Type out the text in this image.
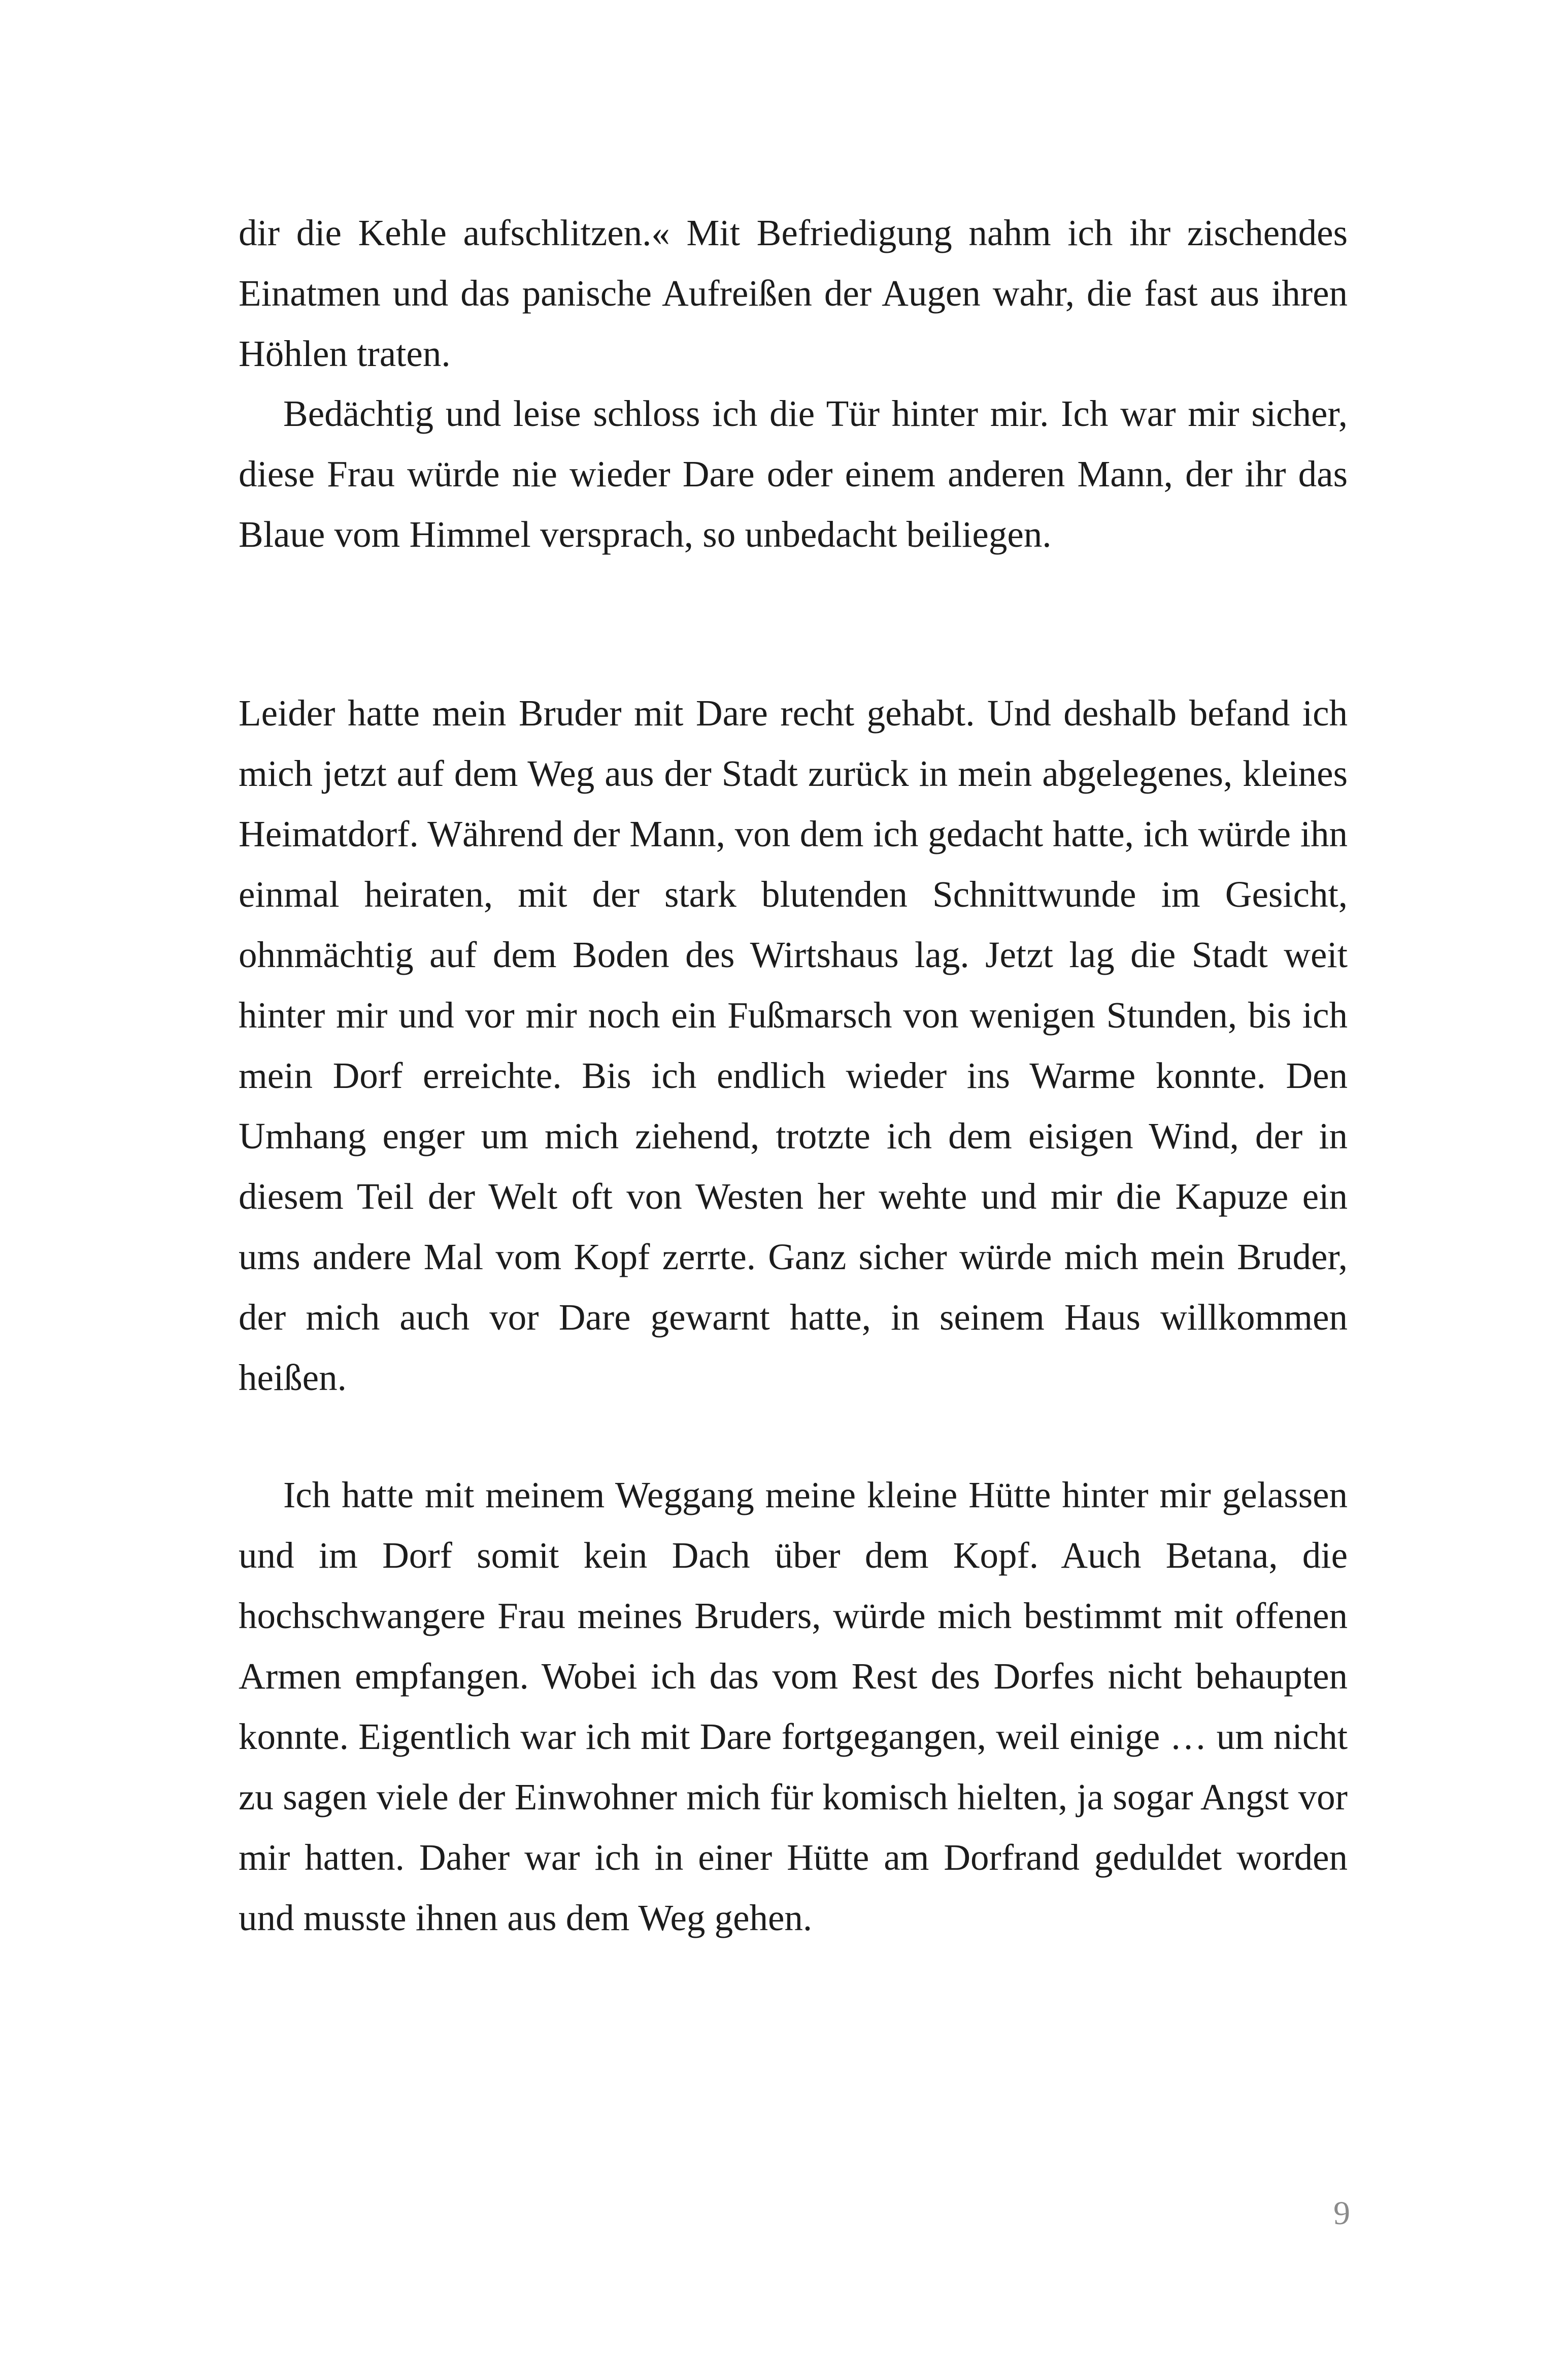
dir die Kehle aufschlitzen.« Mit Befriedigung nahm ich ihr zischendes Einatmen und das panische Aufreißen der Augen wahr, die fast aus ihren Höhlen traten.

Bedächtig und leise schloss ich die Tür hinter mir. Ich war mir sicher, diese Frau würde nie wieder Dare oder einem anderen Mann, der ihr das Blaue vom Himmel versprach, so unbedacht beiliegen.

Leider hatte mein Bruder mit Dare recht gehabt. Und deshalb befand ich mich jetzt auf dem Weg aus der Stadt zurück in mein abgelegenes, kleines Heimatdorf. Während der Mann, von dem ich gedacht hatte, ich würde ihn einmal heiraten, mit der stark blutenden Schnittwunde im Gesicht, ohnmächtig auf dem Boden des Wirtshaus lag. Jetzt lag die Stadt weit hinter mir und vor mir noch ein Fußmarsch von wenigen Stunden, bis ich mein Dorf erreichte. Bis ich endlich wieder ins Warme konnte. Den Umhang enger um mich ziehend, trotzte ich dem eisigen Wind, der in diesem Teil der Welt oft von Westen her wehte und mir die Kapuze ein ums andere Mal vom Kopf zerrte. Ganz sicher würde mich mein Bruder, der mich auch vor Dare gewarnt hatte, in seinem Haus willkommen heißen.

Ich hatte mit meinem Weggang meine kleine Hütte hinter mir gelassen und im Dorf somit kein Dach über dem Kopf. Auch Betana, die hochschwangere Frau meines Bruders, würde mich bestimmt mit offenen Armen empfangen. Wobei ich das vom Rest des Dorfes nicht behaupten konnte. Eigentlich war ich mit Dare fortgegangen, weil einige … um nicht zu sagen viele der Einwohner mich für komisch hielten, ja sogar Angst vor mir hatten. Daher war ich in einer Hütte am Dorfrand geduldet worden und musste ihnen aus dem Weg gehen.

9
